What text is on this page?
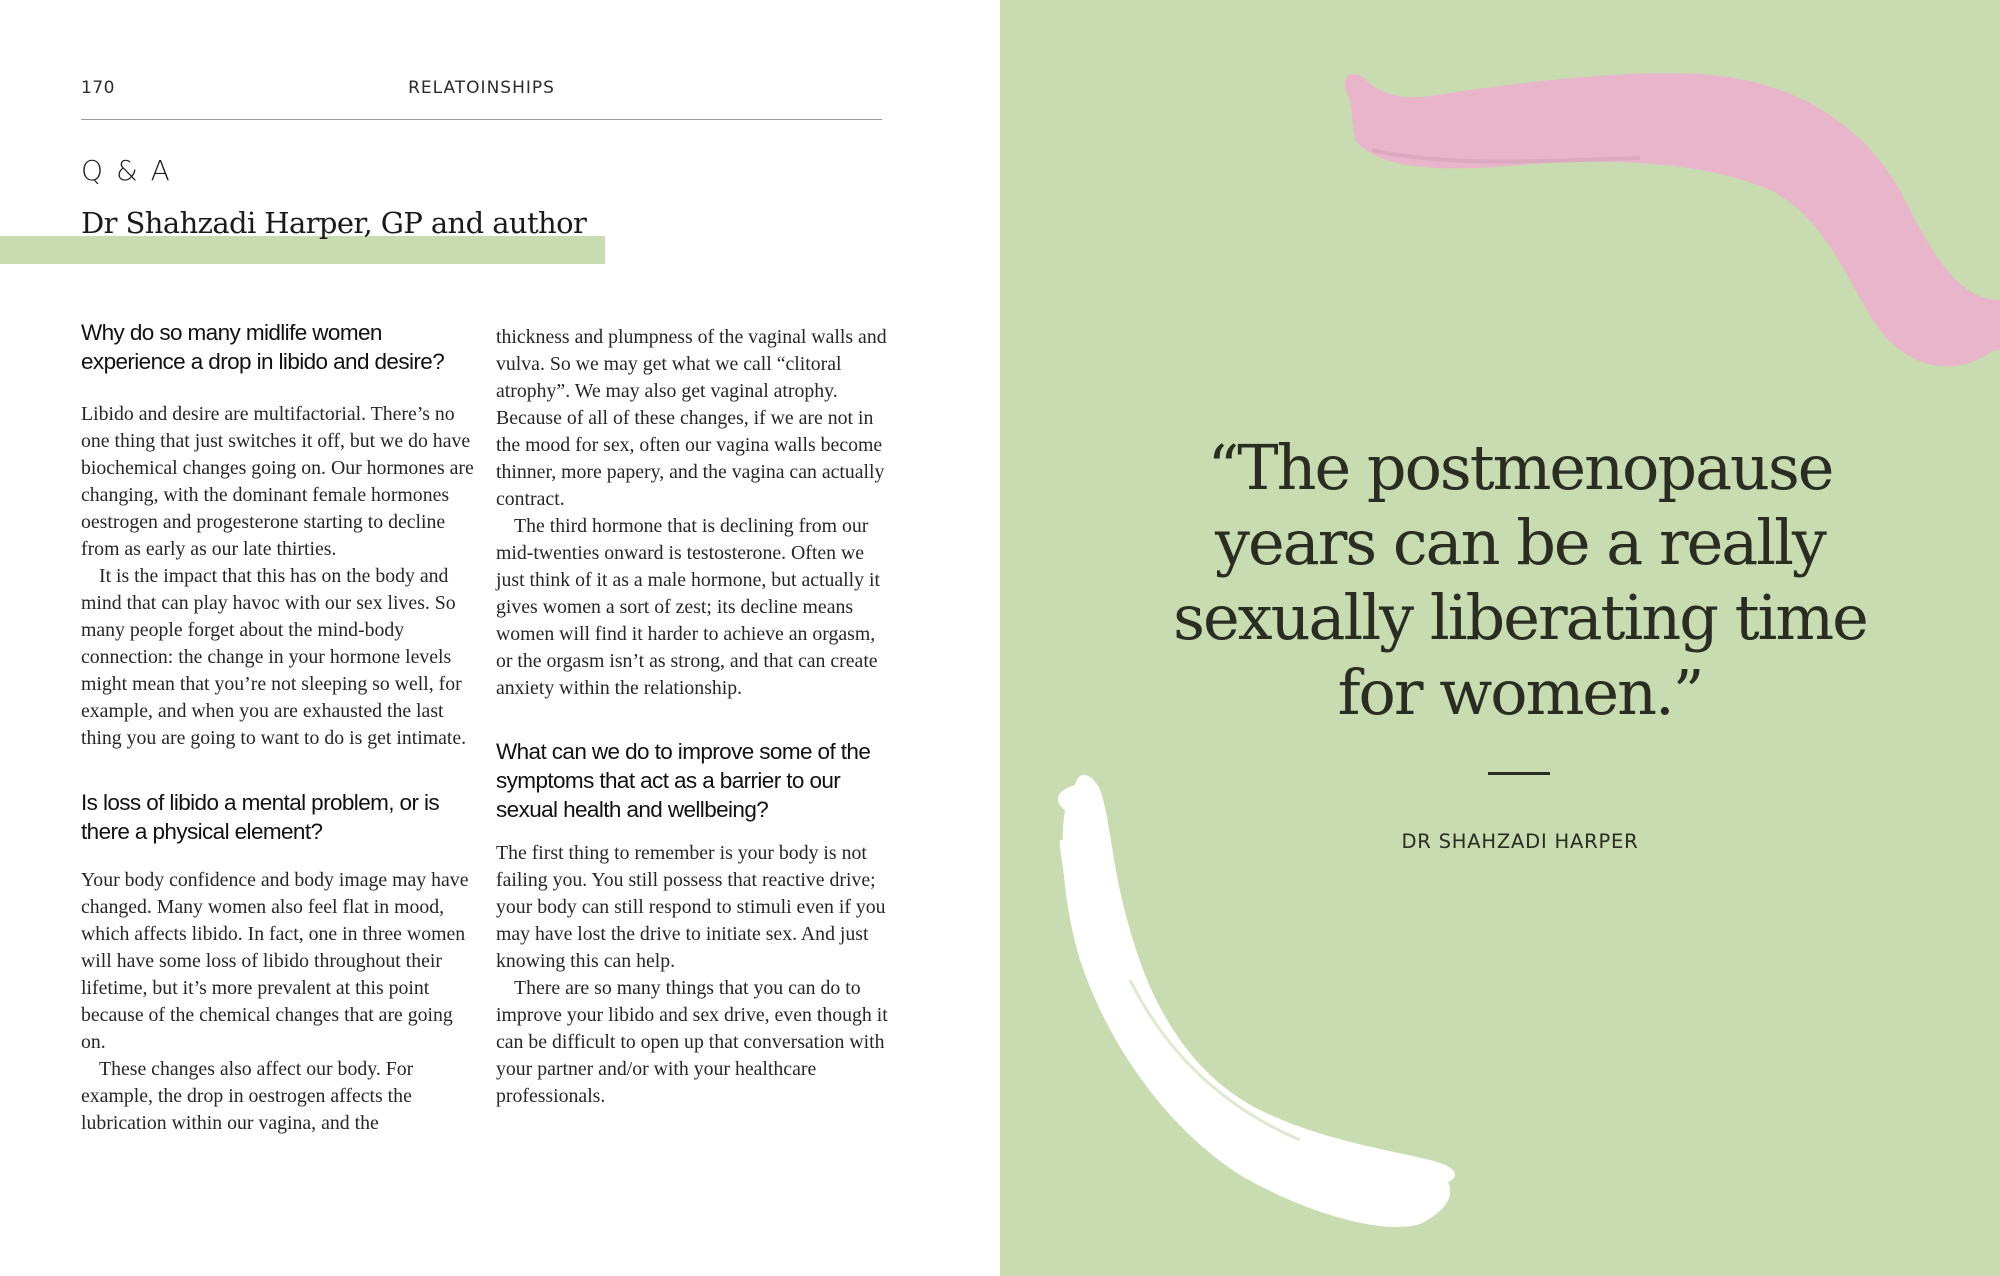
170	RELATOINSHIPS
Q & A
Dr Shahzadi Harper, GP and author
Why do so many midlife women experience a drop in libido and desire?

Libido and desire are multifactorial. There’s no one thing that just switches it off, but we do have biochemical changes going on. Our hormones are changing, with the dominant female hormones oestrogen and progesterone starting to decline from as early as our late thirties.

It is the impact that this has on the body and mind that can play havoc with our sex lives. So many people forget about the mind-body connection: the change in your hormone levels might mean that you’re not sleeping so well, for example, and when you are exhausted the last thing you are going to want to do is get intimate.

Is loss of libido a mental problem, or is there a physical element?

Your body confidence and body image may have changed. Many women also feel flat in mood, which affects libido. In fact, one in three women will have some loss of libido throughout their lifetime, but it’s more prevalent at this point because of the chemical changes that are going on.

These changes also affect our body. For example, the drop in oestrogen affects the lubrication within our vagina, and the

thickness and plumpness of the vaginal walls and vulva. So we may get what we call “clitoral atrophy”. We may also get vaginal atrophy. Because of all of these changes, if we are not in the mood for sex, often our vagina walls become thinner, more papery, and the vagina can actually contract.

The third hormone that is declining from our mid-twenties onward is testosterone. Often we just think of it as a male hormone, but actually it gives women a sort of zest; its decline means women will find it harder to achieve an orgasm, or the orgasm isn’t as strong, and that can create anxiety within the relationship.

What can we do to improve some of the symptoms that act as a barrier to our sexual health and wellbeing?

The first thing to remember is your body is not failing you. You still possess that reactive drive; your body can still respond to stimuli even if you may have lost the drive to initiate sex. And just knowing this can help.

There are so many things that you can do to improve your libido and sex drive, even though it can be difficult to open up that conversation with your partner and/or with your healthcare professionals.

“The postmenopause years can be a really sexually liberating time for women.”
DR SHAHZADI HARPER
